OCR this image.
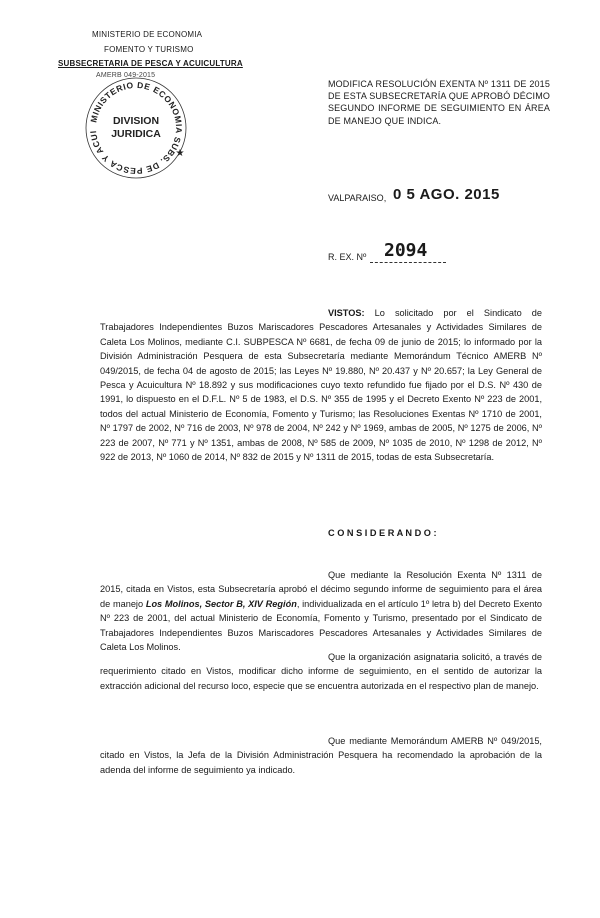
MINISTERIO DE ECONOMIA
FOMENTO Y TURISMO
SUBSECRETARIA DE PESCA Y ACUICULTURA
AMERB 049-2015
MINISTERIO DE ECONOMIA SUBS. DE PESCA Y ACUI
DIVISION
JURIDICA
★
MODIFICA RESOLUCIÓN EXENTA Nº 1311 DE 2015 DE ESTA SUBSECRETARÍA QUE APROBÓ DÉCIMO SEGUNDO INFORME DE SEGUIMIENTO EN ÁREA DE MANEJO QUE INDICA.
VALPARAISO, 0 5 AGO. 2015
R. EX. Nº 2094
VISTOS: Lo solicitado por el Sindicato de Trabajadores Independientes Buzos Mariscadores Pescadores Artesanales y Actividades Similares de Caleta Los Molinos, mediante C.I. SUBPESCA Nº 6681, de fecha 09 de junio de 2015; lo informado por la División Administración Pesquera de esta Subsecretaría mediante Memorándum Técnico AMERB Nº 049/2015, de fecha 04 de agosto de 2015; las Leyes Nº 19.880, Nº 20.437 y Nº 20.657; la Ley General de Pesca y Acuicultura Nº 18.892 y sus modificaciones cuyo texto refundido fue fijado por el D.S. Nº 430 de 1991, lo dispuesto en el D.F.L. Nº 5 de 1983, el D.S. Nº 355 de 1995 y el Decreto Exento Nº 223 de 2001, todos del actual Ministerio de Economía, Fomento y Turismo; las Resoluciones Exentas Nº 1710 de 2001, Nº 1797 de 2002, Nº 716 de 2003, Nº 978 de 2004, Nº 242 y Nº 1969, ambas de 2005, Nº 1275 de 2006, Nº 223 de 2007, Nº 771 y Nº 1351, ambas de 2008, Nº 585 de 2009, Nº 1035 de 2010, Nº 1298 de 2012, Nº 922 de 2013, Nº 1060 de 2014, Nº 832 de 2015 y Nº 1311 de 2015, todas de esta Subsecretaría.
C O N S I D E R A N D O :
Que mediante la Resolución Exenta Nº 1311 de 2015, citada en Vistos, esta Subsecretaría aprobó el décimo segundo informe de seguimiento para el área de manejo Los Molinos, Sector B, XIV Región, individualizada en el artículo 1º letra b) del Decreto Exento Nº 223 de 2001, del actual Ministerio de Economía, Fomento y Turismo, presentado por el Sindicato de Trabajadores Independientes Buzos Mariscadores Pescadores Artesanales y Actividades Similares de Caleta Los Molinos.
Que la organización asignataria solicitó, a través de requerimiento citado en Vistos, modificar dicho informe de seguimiento, en el sentido de autorizar la extracción adicional del recurso loco, especie que se encuentra autorizada en el respectivo plan de manejo.
Que mediante Memorándum AMERB Nº 049/2015, citado en Vistos, la Jefa de la División Administración Pesquera ha recomendado la aprobación de la adenda del informe de seguimiento ya indicado.
